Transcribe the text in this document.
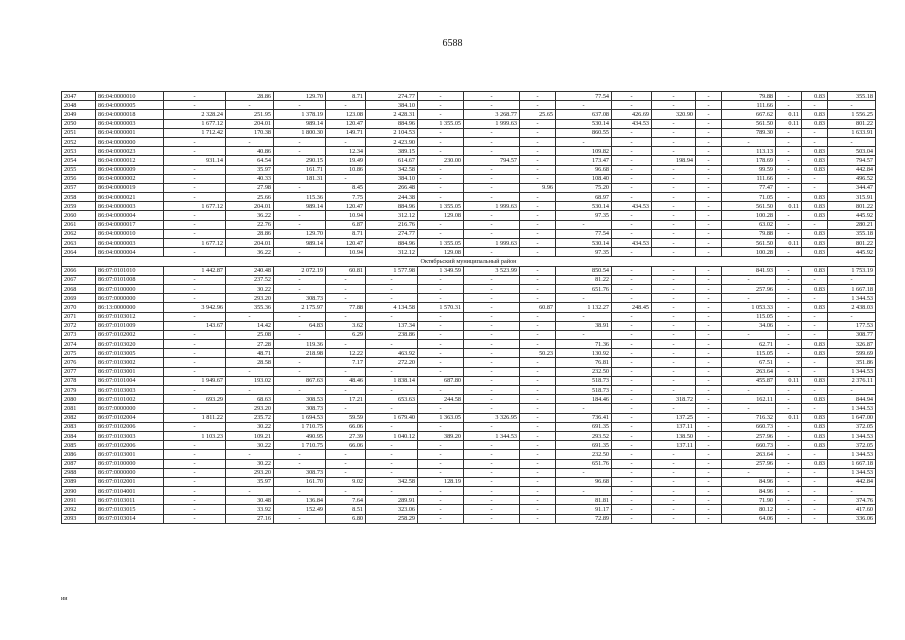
6588
2047	86:04:0000010	-	28.86	129.70	8.71	274.77	-	-	-	77.54	-	-	-	79.88	-	0.83	355.18
2048	86:04:0000005	-	-	-	-	384.10	-	-	-	-	-	-	-	111.66	-	-	-
2049	86:04:0000018	2 328.24	251.95	1 378.19	123.08	2 428.31	-	3 268.77	25.65	637.08	426.69	320.90	-	667.62	0.11	0.83	1 556.25
2050	86:04:0000003	1 677.12	204.01	989.14	120.47	884.96	1 355.05	1 999.63	-	530.14	434.53	-	-	561.50	0.11	0.83	801.22
2051	86:04:0000001	1 712.42	170.38	1 800.30	149.71	2 104.53	-	-	-	860.55	-	-	-	789.30	-	-	1 633.91
2052	86:04:0000000	-	-	-	-	2 423.90	-	-	-	-	-	-	-	-	-	-	-
2053	86:04:0000023	-	40.86	-	12.34	389.15	-	-	-	109.82	-	-	-	113.13	-	0.83	503.04
2054	86:04:0000012	931.14	64.54	290.15	19.49	614.67	230.00	794.57	-	173.47	-	198.94	-	178.69	-	0.83	794.57
2055	86:04:0000009	-	35.97	161.71	10.86	342.58	-	-	-	96.68	-	-	-	99.59	-	0.83	442.84
2056	86:04:0000002	-	40.33	181.31	-	384.10	-	-	-	108.40	-	-	-	111.66	-	-	496.52
2057	86:04:0000019	-	27.98	-	8.45	266.48	-	-	9.96	75.20	-	-	-	77.47	-	-	344.47
2058	86:04:0000021	-	25.66	115.36	7.75	244.38	-	-	-	68.97	-	-	-	71.05	-	0.83	315.91
2059	86:04:0000003	1 677.12	204.01	989.14	120.47	884.96	1 355.05	1 999.63	-	530.14	434.53	-	-	561.50	0.11	0.83	801.22
2060	86:04:0000004	-	36.22	-	10.94	312.12	129.08	-	-	97.35	-	-	-	100.28	-	0.83	445.92
2061	86:04:0000017	-	22.76	-	6.87	216.76	-	-	-	-	-	-	-	63.02	-	-	280.21
2062	86:04:0000010	-	28.86	129.70	8.71	274.77	-	-	-	77.54	-	-	-	79.88	-	0.83	355.18
2063	86:04:0000003	1 677.12	204.01	989.14	120.47	884.96	1 355.05	1 999.63	-	530.14	434.53	-	-	561.50	0.11	0.83	801.22
2064	86:04:0000004	-	36.22	-	10.94	312.12	129.08	-	-	97.35	-	-	-	100.28	-	0.83	445.92
Октябрьский муниципальный район																	
2066	86:07:0101010	1 442.87	240.48	2 072.19	60.81	1 577.98	1 349.59	3 523.99	-	850.54	-	-	-	841.93	-	0.83	1 753.19
2067	86:07:0101008	-	237.52	-	-	-	-	-	-	81.22	-	-	-	-	-	-	-
2068	86:07:0100000	-	30.22	-	-	-	-	-	-	651.76	-	-	-	257.96	-	0.83	1 667.18
2069	86:07:0000000	-	293.20	308.73	-	-	-	-	-	-	-	-	-	-	-	-	1 344.53
2070	86:13:0000000	3 942.96	355.36	2 175.97	77.88	4 134.58	1 570.31	-	60.87	1 132.27	248.45	-	-	1 053.33	-	0.83	2 438.03
2071	86:07:0103012	-	-	-	-	-	-	-	-	-	-	-	-	115.05	-	-	-
2072	86:07:0101009	143.67	14.42	64.83	3.62	137.34	-	-	-	38.91	-	-	-	34.06	-	-	177.53
2073	86:07:0102002	-	25.08	-	6.29	238.86	-	-	-	-	-	-	-	-	-	-	308.77
2074	86:07:0103020	-	27.28	119.36	-	-	-	-	-	71.36	-	-	-	62.71	-	0.83	326.87
2075	86:07:0103005	-	48.71	218.98	12.22	463.92	-	-	50.23	130.92	-	-	-	115.05	-	0.83	599.69
2076	86:07:0103002	-	28.58	-	7.17	272.20	-	-	-	76.81	-	-	-	67.51	-	-	351.86
2077	86:07:0103001	-	-	-	-	-	-	-	-	232.50	-	-	-	263.64	-	-	1 344.53
2078	86:07:0101004	1 949.67	193.02	867.63	48.46	1 838.14	687.80	-	-	518.73	-	-	-	455.87	0.11	0.83	2 376.11
2079	86:07:0103003	-	-	-	-	-	-	-	-	518.73	-	-	-	-	-	-	-
2080	86:07:0101002	693.29	68.63	308.53	17.21	653.63	244.58	-	-	184.46	-	318.72	-	162.11	-	0.83	844.94
2081	86:07:0000000	-	293.20	308.73	-	-	-	-	-	-	-	-	-	-	-	-	1 344.53
2082	86:07:0102004	1 811.22	235.72	1 694.53	59.59	1 679.40	1 363.05	3 326.95	-	736.41	-	137.25	-	716.32	0.11	0.83	1 647.00
2083	86:07:0102006	-	30.22	1 710.75	66.06	-	-	-	-	691.35	-	137.11	-	660.73	-	0.83	372.05
2084	86:07:0103003	1 103.23	109.21	490.95	27.39	1 040.12	389.20	1 344.53	-	293.52	-	138.50	-	257.96	-	0.83	1 344.53
2085	86:07:0102006	-	30.22	1 710.75	66.06	-	-	-	-	691.35	-	137.11	-	660.73	-	0.83	372.05
2086	86:07:0103001	-	-	-	-	-	-	-	-	232.50	-	-	-	263.64	-	-	1 344.53
2087	86:07:0100000	-	30.22	-	-	-	-	-	-	651.76	-	-	-	257.96	-	0.83	1 667.18
2988	86:07:0000000	-	293.20	308.73	-	-	-	-	-	-	-	-	-	-	-	-	1 344.53
2089	86:07:0102001	-	35.97	161.70	9.02	342.58	128.19	-	-	96.68	-	-	-	84.96	-	-	442.84
2090	86:07:0104001	-	-	-	-	-	-	-	-	-	-	-	-	84.96	-	-	-
2091	86:07:0103011	-	30.48	136.84	7.64	289.91	-	-	-	81.81	-	-	-	71.90	-	-	374.76
2092	86:07:0103015	-	33.92	152.49	8.51	323.06	-	-	-	91.17	-	-	-	80.12	-	-	417.60
2093	86:07:0103014	-	27.16	-	6.80	258.29	-	-	-	72.89	-	-	-	64.06	-	-	336.06
ии
